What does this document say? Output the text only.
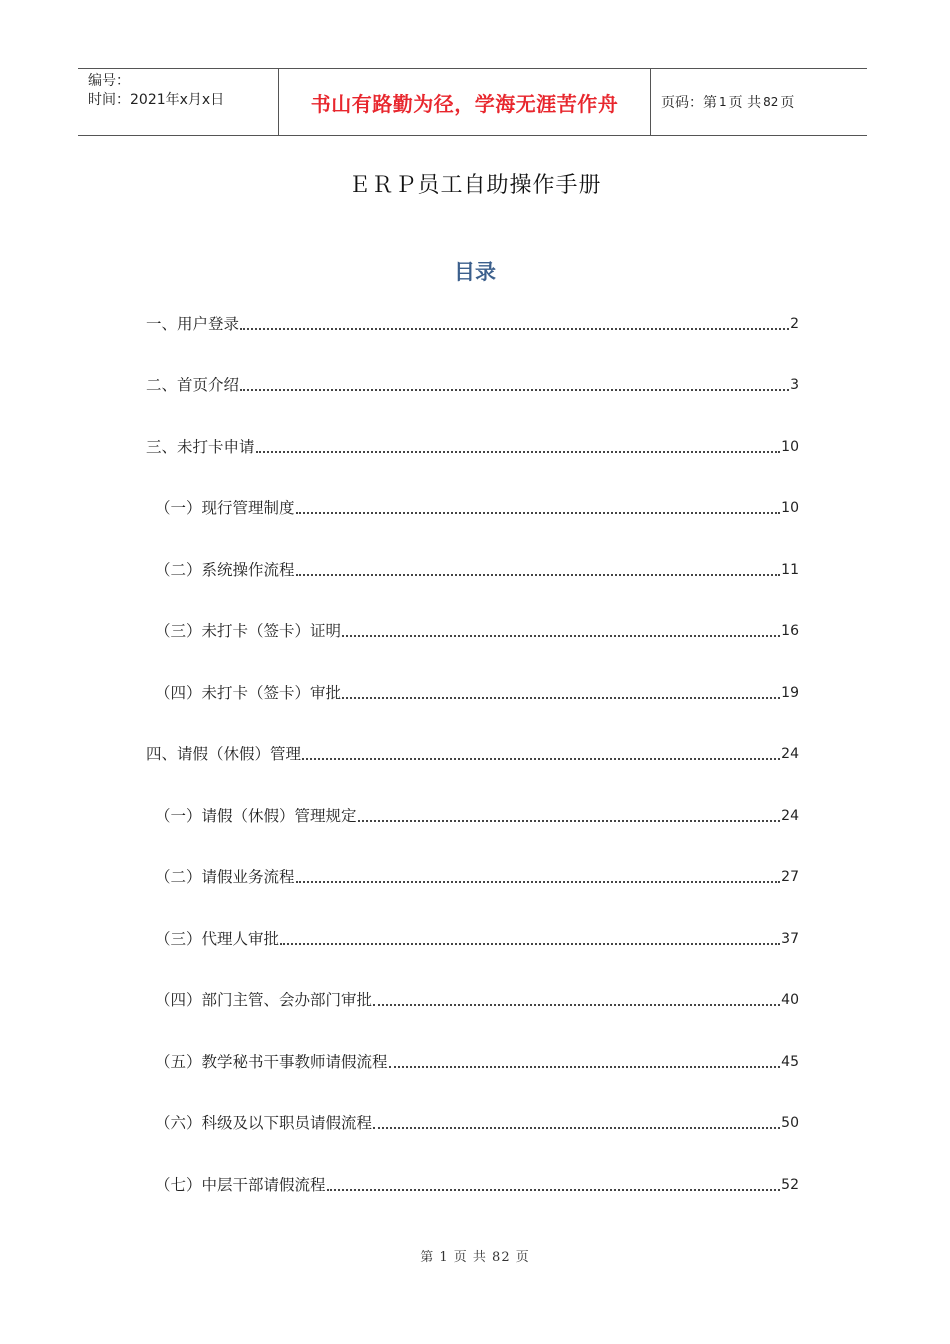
编号：
时间：2021年x月x日	书山有路勤为径，学海无涯苦作舟	页码：第 1 页 共 82 页
ＥＲＰ员工自助操作手册
目录
一、用户登录	2
二、首页介绍	3
三、未打卡申请	10
（一）现行管理制度	10
（二）系统操作流程	11
（三）未打卡（签卡）证明	16
（四）未打卡（签卡）审批	19
四、请假（休假）管理	24
（一）请假（休假）管理规定	24
（二）请假业务流程	27
（三）代理人审批	37
（四）部门主管、会办部门审批	40
（五）教学秘书干事教师请假流程	45
（六）科级及以下职员请假流程	50
（七）中层干部请假流程	52
第 1 页 共 82 页
